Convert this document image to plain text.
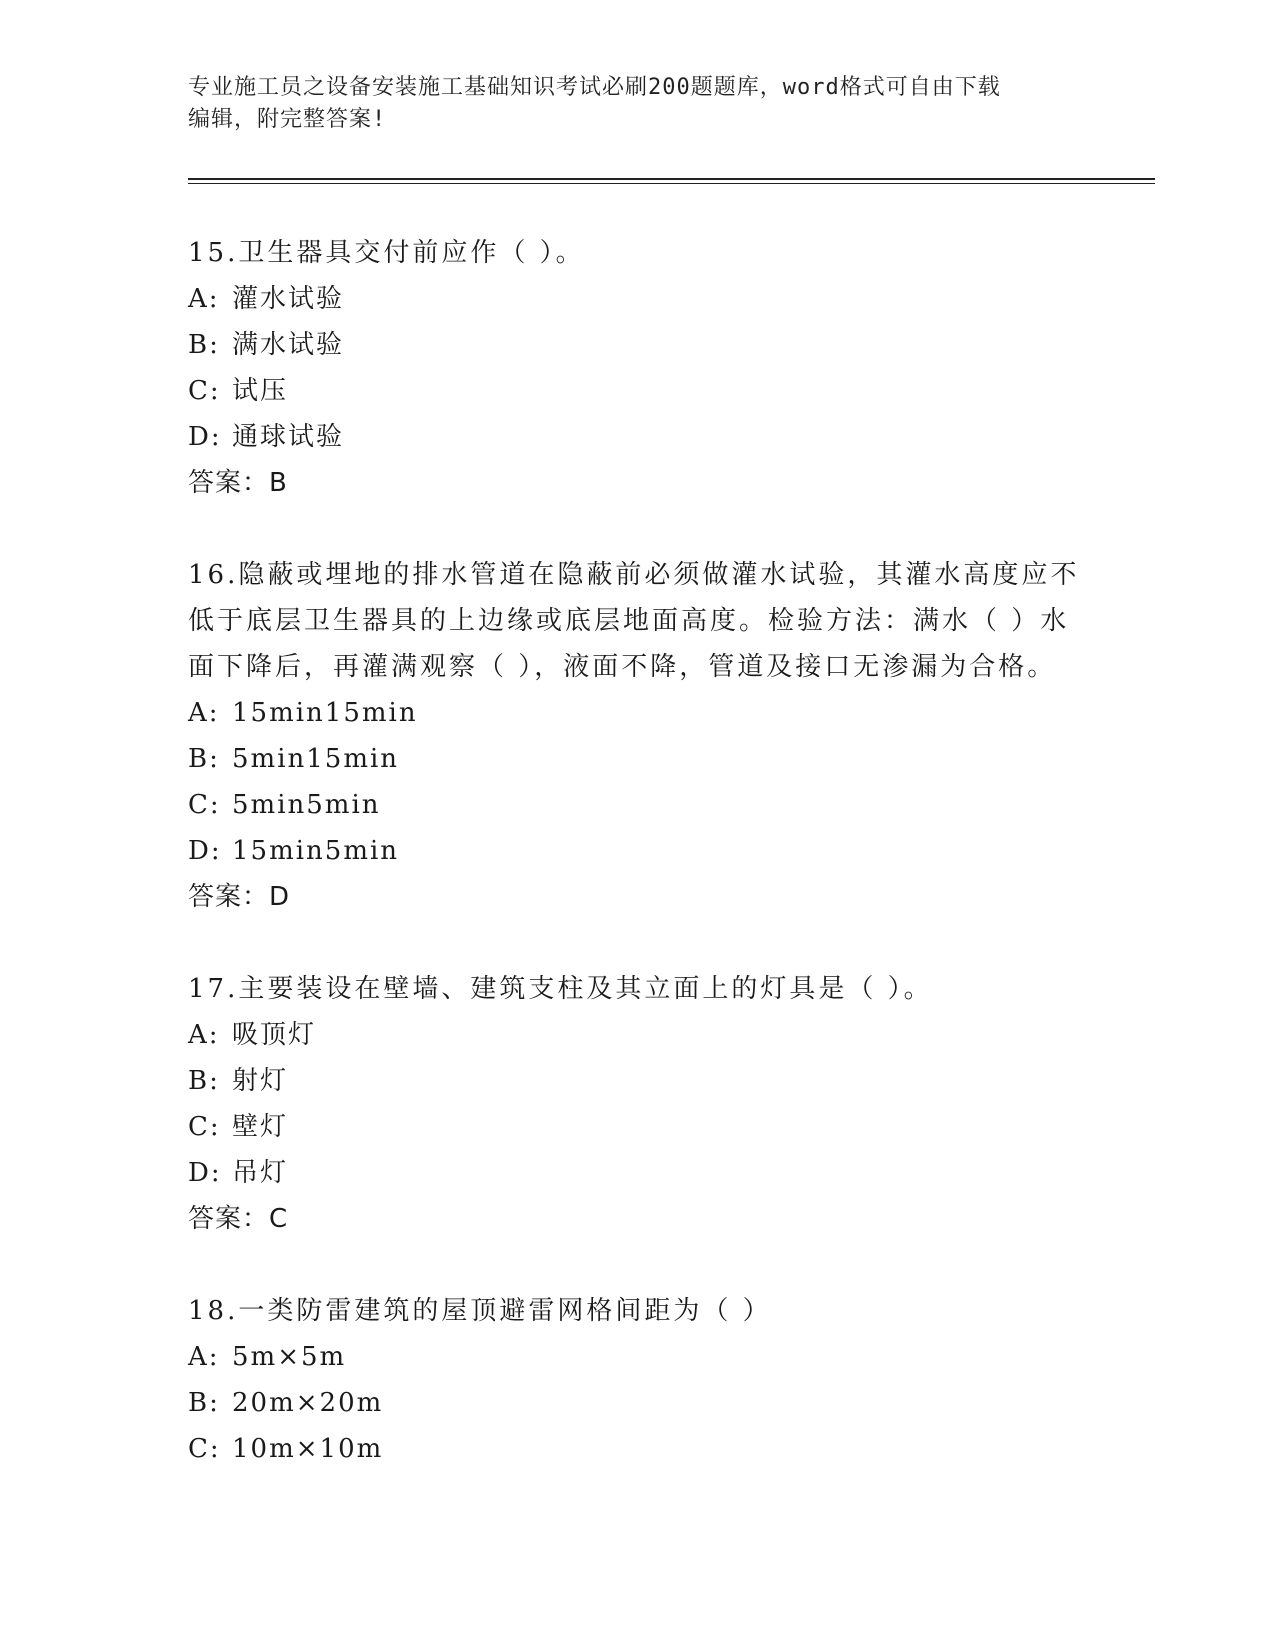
专业施工员之设备安装施工基础知识考试必刷200题题库，word格式可自由下载
编辑，附完整答案!

15.卫生器具交付前应作（ ）。

A: 灌水试验

B: 满水试验

C: 试压

D: 通球试验

答案：B

16.隐蔽或埋地的排水管道在隐蔽前必须做灌水试验，其灌水高度应不低于底层卫生器具的上边缘或底层地面高度。检验方法：满水（ ）水面下降后，再灌满观察（ ），液面不降，管道及接口无渗漏为合格。

A: 15min15min

B: 5min15min

C: 5min5min

D: 15min5min

答案：D

17.主要装设在壁墙、建筑支柱及其立面上的灯具是（ ）。

A: 吸顶灯

B: 射灯

C: 壁灯

D: 吊灯

答案：C

18.一类防雷建筑的屋顶避雷网格间距为（ ）

A: 5m×5m

B: 20m×20m

C: 10m×10m
